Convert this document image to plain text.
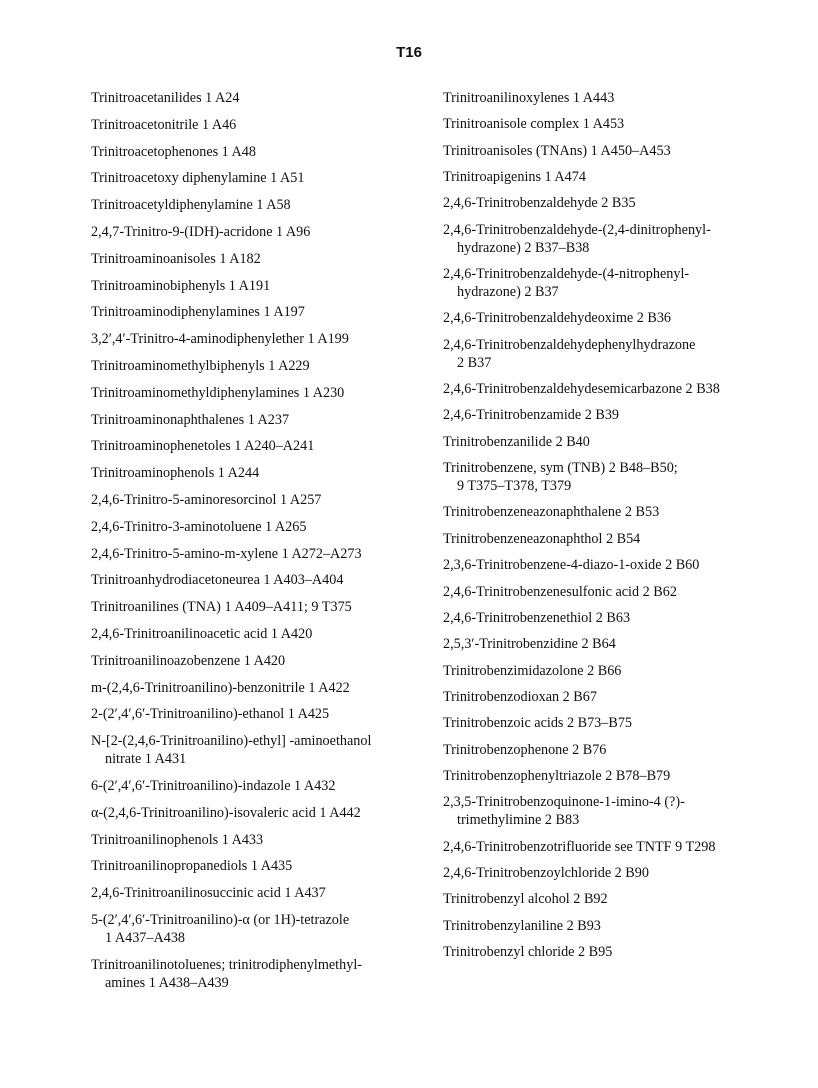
T16
Trinitroacetanilides 1 A24
Trinitroacetonitrile 1 A46
Trinitroacetophenones 1 A48
Trinitroacetoxy diphenylamine 1 A51
Trinitroacetyldiphenylamine 1 A58
2,4,7-Trinitro-9-(IDH)-acridone 1 A96
Trinitroaminoanisoles 1 A182
Trinitroaminobiphenyls 1 A191
Trinitroaminodiphenylamines 1 A197
3,2′,4′-Trinitro-4-aminodiphenylether 1 A199
Trinitroaminomethylbiphenyls 1 A229
Trinitroaminomethyldiphenylamines 1 A230
Trinitroaminonaphthalenes 1 A237
Trinitroaminophenetoles 1 A240–A241
Trinitroaminophenols 1 A244
2,4,6-Trinitro-5-aminoresorcinol 1 A257
2,4,6-Trinitro-3-aminotoluene 1 A265
2,4,6-Trinitro-5-amino-m-xylene 1 A272–A273
Trinitroanhydrodiacetoneurea 1 A403–A404
Trinitroanilines (TNA) 1 A409–A411; 9 T375
2,4,6-Trinitroanilinoacetic acid 1 A420
Trinitroanilinoazobenzene 1 A420
m-(2,4,6-Trinitroanilino)-benzonitrile 1 A422
2-(2′,4′,6′-Trinitroanilino)-ethanol 1 A425
N-[2-(2,4,6-Trinitroanilino)-ethyl] -aminoethanol
nitrate 1 A431
6-(2′,4′,6′-Trinitroanilino)-indazole 1 A432
α-(2,4,6-Trinitroanilino)-isovaleric acid 1 A442
Trinitroanilinophenols 1 A433
Trinitroanilinopropanediols 1 A435
2,4,6-Trinitroanilinosuccinic acid 1 A437
5-(2′,4′,6′-Trinitroanilino)-α (or 1H)-tetrazole
1 A437–A438
Trinitroanilinotoluenes; trinitrodiphenylmethyl-
amines 1 A438–A439
Trinitroanilinoxylenes 1 A443
Trinitroanisole complex 1 A453
Trinitroanisoles (TNAns) 1 A450–A453
Trinitroapigenins 1 A474
2,4,6-Trinitrobenzaldehyde 2 B35
2,4,6-Trinitrobenzaldehyde-(2,4-dinitrophenyl-
hydrazone) 2 B37–B38
2,4,6-Trinitrobenzaldehyde-(4-nitrophenyl-
hydrazone) 2 B37
2,4,6-Trinitrobenzaldehydeoxime 2 B36
2,4,6-Trinitrobenzaldehydephenylhydrazone
2 B37
2,4,6-Trinitrobenzaldehydesemicarbazone 2 B38
2,4,6-Trinitrobenzamide 2 B39
Trinitrobenzanilide 2 B40
Trinitrobenzene, sym (TNB) 2 B48–B50;
9 T375–T378, T379
Trinitrobenzeneazonaphthalene 2 B53
Trinitrobenzeneazonaphthol 2 B54
2,3,6-Trinitrobenzene-4-diazo-1-oxide 2 B60
2,4,6-Trinitrobenzenesulfonic acid 2 B62
2,4,6-Trinitrobenzenethiol 2 B63
2,5,3′-Trinitrobenzidine 2 B64
Trinitrobenzimidazolone 2 B66
Trinitrobenzodioxan 2 B67
Trinitrobenzoic acids 2 B73–B75
Trinitrobenzophenone 2 B76
Trinitrobenzophenyltriazole 2 B78–B79
2,3,5-Trinitrobenzoquinone-1-imino-4 (?)-
trimethylimine 2 B83
2,4,6-Trinitrobenzotrifluoride see TNTF 9 T298
2,4,6-Trinitrobenzoylchloride 2 B90
Trinitrobenzyl alcohol 2 B92
Trinitrobenzylaniline 2 B93
Trinitrobenzyl chloride 2 B95
